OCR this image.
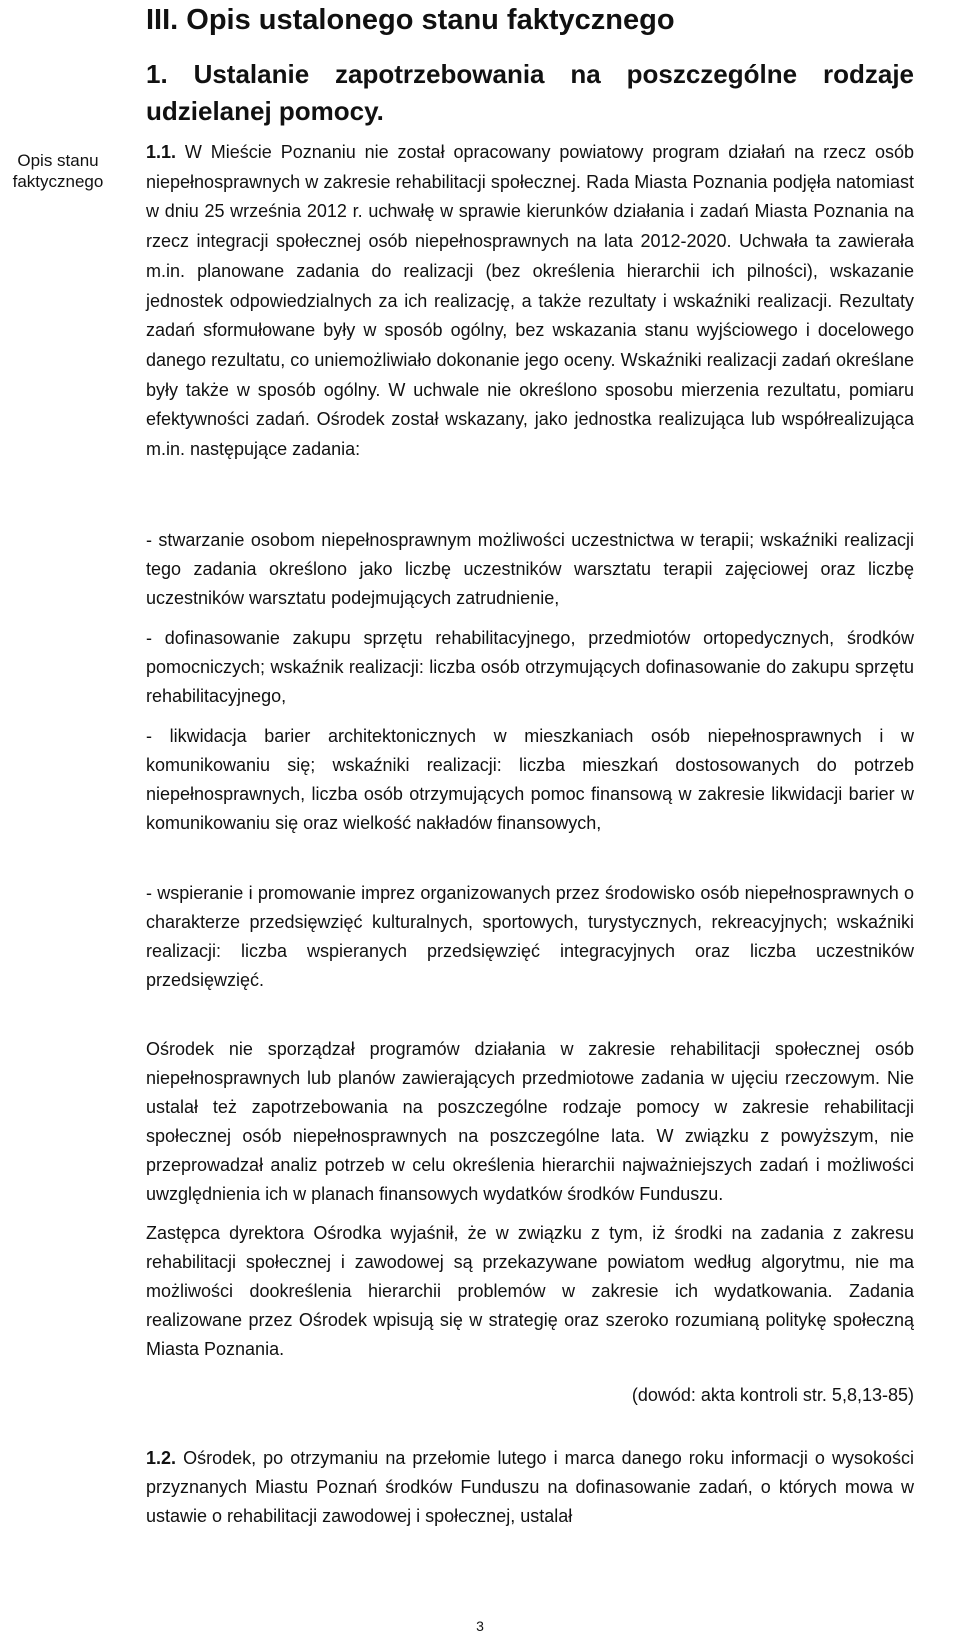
Opis stanu faktycznego
III. Opis ustalonego stanu faktycznego
1. Ustalanie zapotrzebowania na poszczególne rodzaje udzielanej pomocy.

1.1. W Mieście Poznaniu nie został opracowany powiatowy program działań na rzecz osób niepełnosprawnych w zakresie rehabilitacji społecznej. Rada Miasta Poznania podjęła natomiast w dniu 25 września 2012 r. uchwałę w sprawie kierunków działania i zadań Miasta Poznania na rzecz integracji społecznej osób niepełnosprawnych na lata 2012-2020. Uchwała ta zawierała m.in. planowane zadania do realizacji (bez określenia hierarchii ich pilności), wskazanie jednostek odpowiedzialnych za ich realizację, a także rezultaty i wskaźniki realizacji. Rezultaty zadań sformułowane były w sposób ogólny, bez wskazania stanu wyjściowego i docelowego danego rezultatu, co uniemożliwiało dokonanie jego oceny. Wskaźniki realizacji zadań określane były także w sposób ogólny. W uchwale nie określono sposobu mierzenia rezultatu, pomiaru efektywności zadań. Ośrodek został wskazany, jako jednostka realizująca lub współrealizująca m.in. następujące zadania:

- stwarzanie osobom niepełnosprawnym możliwości uczestnictwa w terapii; wskaźniki realizacji tego zadania określono jako liczbę uczestników warsztatu terapii zajęciowej oraz liczbę uczestników warsztatu podejmujących zatrudnienie,

- dofinasowanie zakupu sprzętu rehabilitacyjnego, przedmiotów ortopedycznych, środków pomocniczych; wskaźnik realizacji: liczba osób otrzymujących dofinasowanie do zakupu sprzętu rehabilitacyjnego,

- likwidacja barier architektonicznych w mieszkaniach osób niepełnosprawnych i w komunikowaniu się; wskaźniki realizacji: liczba mieszkań dostosowanych do potrzeb niepełnosprawnych, liczba osób otrzymujących pomoc finansową w zakresie likwidacji barier w komunikowaniu się oraz wielkość nakładów finansowych,

- wspieranie i promowanie imprez organizowanych przez środowisko osób niepełnosprawnych o charakterze przedsięwzięć kulturalnych, sportowych, turystycznych, rekreacyjnych; wskaźniki realizacji: liczba wspieranych przedsięwzięć integracyjnych oraz liczba uczestników przedsięwzięć.

Ośrodek nie sporządzał programów działania w zakresie rehabilitacji społecznej osób niepełnosprawnych lub planów zawierających przedmiotowe zadania w ujęciu rzeczowym. Nie ustalał też zapotrzebowania na poszczególne rodzaje pomocy w zakresie rehabilitacji społecznej osób niepełnosprawnych na poszczególne lata. W związku z powyższym, nie przeprowadzał analiz potrzeb w celu określenia hierarchii najważniejszych zadań i możliwości uwzględnienia ich w planach finansowych wydatków środków Funduszu.

Zastępca dyrektora Ośrodka wyjaśnił, że w związku z tym, iż środki na zadania z zakresu rehabilitacji społecznej i zawodowej są przekazywane powiatom według algorytmu, nie ma możliwości dookreślenia hierarchii problemów w zakresie ich wydatkowania. Zadania realizowane przez Ośrodek wpisują się w strategię oraz szeroko rozumianą politykę społeczną Miasta Poznania.

(dowód: akta kontroli str. 5,8,13-85)

1.2. Ośrodek, po otrzymaniu na przełomie lutego i marca danego roku informacji o wysokości przyznanych Miastu Poznań środków Funduszu na dofinasowanie zadań, o których mowa w ustawie o rehabilitacji zawodowej i społecznej, ustalał

3
